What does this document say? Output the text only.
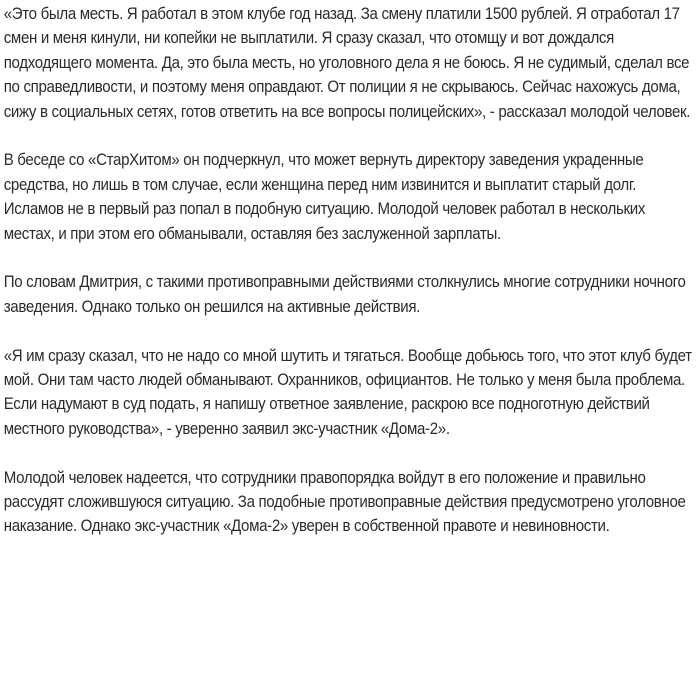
«Это была месть. Я работал в этом клубе год назад. За смену платили 1500 рублей. Я отработал 17 смен и меня кинули, ни копейки не выплатили. Я сразу сказал, что отомщу и вот дождался подходящего момента. Да, это была месть, но уголовного дела я не боюсь. Я не судимый, сделал все по справедливости, и поэтому меня оправдают. От полиции я не скрываюсь. Сейчас нахожусь дома, сижу в социальных сетях, готов ответить на все вопросы полицейских», - рассказал молодой человек.

В беседе со «СтарХитом» он подчеркнул, что может вернуть директору заведения украденные средства, но лишь в том случае, если женщина перед ним извинится и выплатит старый долг. Исламов не в первый раз попал в подобную ситуацию. Молодой человек работал в нескольких местах, и при этом его обманывали, оставляя без заслуженной зарплаты.

По словам Дмитрия, с такими противоправными действиями столкнулись многие сотрудники ночного заведения. Однако только он решился на активные действия.

«Я им сразу сказал, что не надо со мной шутить и тягаться. Вообще добьюсь того, что этот клуб будет мой. Они там часто людей обманывают. Охранников, официантов. Не только у меня была проблема. Если надумают в суд подать, я напишу ответное заявление, раскрою все подноготную действий местного руководства», - уверенно заявил экс-участник «Дома-2».

Молодой человек надеется, что сотрудники правопорядка войдут в его положение и правильно рассудят сложившуюся ситуацию. За подобные противоправные действия предусмотрено уголовное наказание. Однако экс-участник «Дома-2» уверен в собственной правоте и невиновности.
